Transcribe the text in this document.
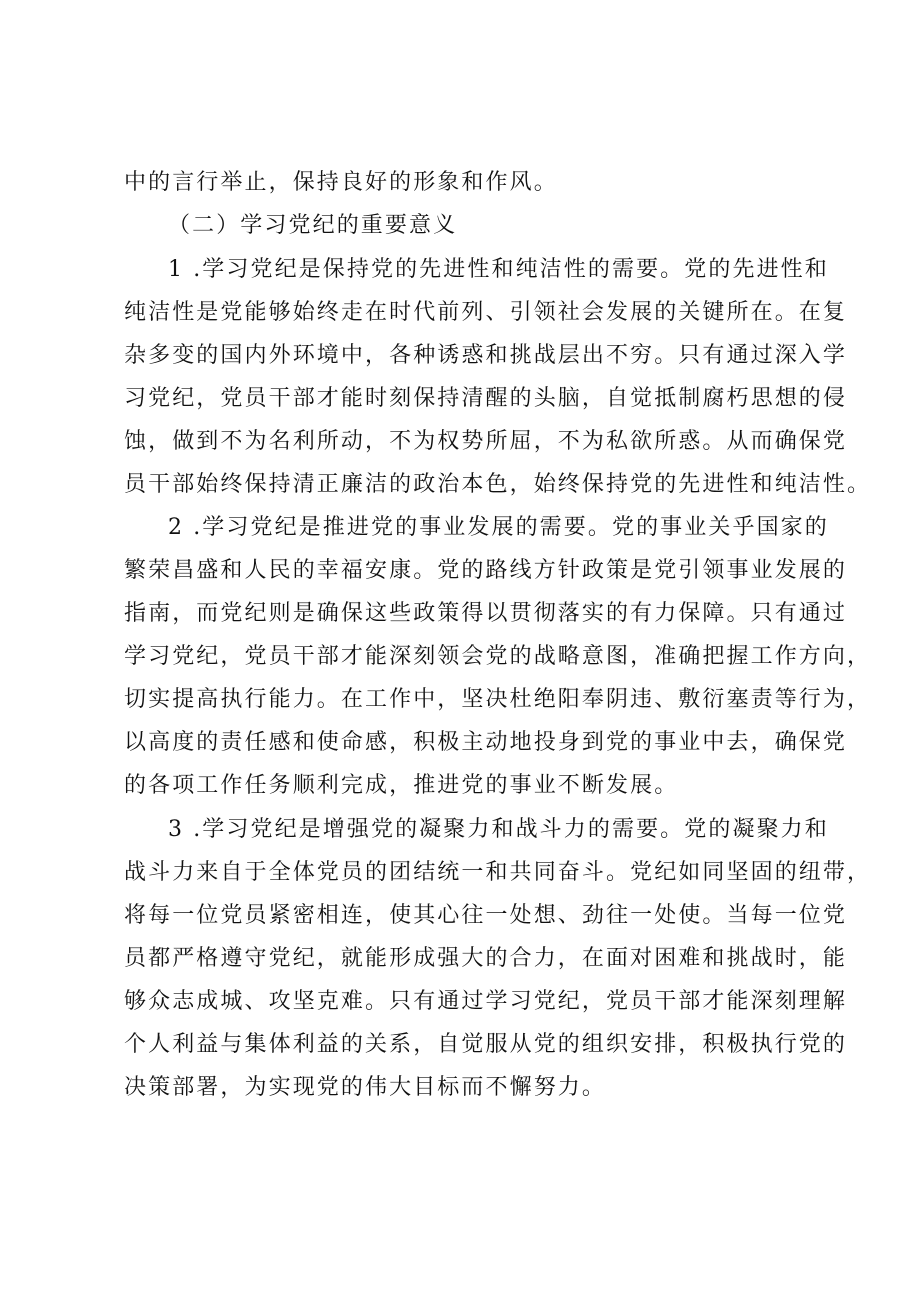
中的言行举止，保持良好的形象和作风。

（二）学习党纪的重要意义

1 .学习党纪是保持党的先进性和纯洁性的需要。党的先进性和

纯洁性是党能够始终走在时代前列、引领社会发展的关键所在。在复

杂多变的国内外环境中，各种诱惑和挑战层出不穷。只有通过深入学

习党纪，党员干部才能时刻保持清醒的头脑，自觉抵制腐朽思想的侵

蚀，做到不为名利所动，不为权势所屈，不为私欲所惑。从而确保党

员干部始终保持清正廉洁的政治本色，始终保持党的先进性和纯洁性。

2 .学习党纪是推进党的事业发展的需要。党的事业关乎国家的

繁荣昌盛和人民的幸福安康。党的路线方针政策是党引领事业发展的

指南，而党纪则是确保这些政策得以贯彻落实的有力保障。只有通过

学习党纪，党员干部才能深刻领会党的战略意图，准确把握工作方向，

切实提高执行能力。在工作中，坚决杜绝阳奉阴违、敷衍塞责等行为，

以高度的责任感和使命感，积极主动地投身到党的事业中去，确保党

的各项工作任务顺利完成，推进党的事业不断发展。

3 .学习党纪是增强党的凝聚力和战斗力的需要。党的凝聚力和

战斗力来自于全体党员的团结统一和共同奋斗。党纪如同坚固的纽带，

将每一位党员紧密相连，使其心往一处想、劲往一处使。当每一位党

员都严格遵守党纪，就能形成强大的合力，在面对困难和挑战时，能

够众志成城、攻坚克难。只有通过学习党纪，党员干部才能深刻理解

个人利益与集体利益的关系，自觉服从党的组织安排，积极执行党的

决策部署，为实现党的伟大目标而不懈努力。
